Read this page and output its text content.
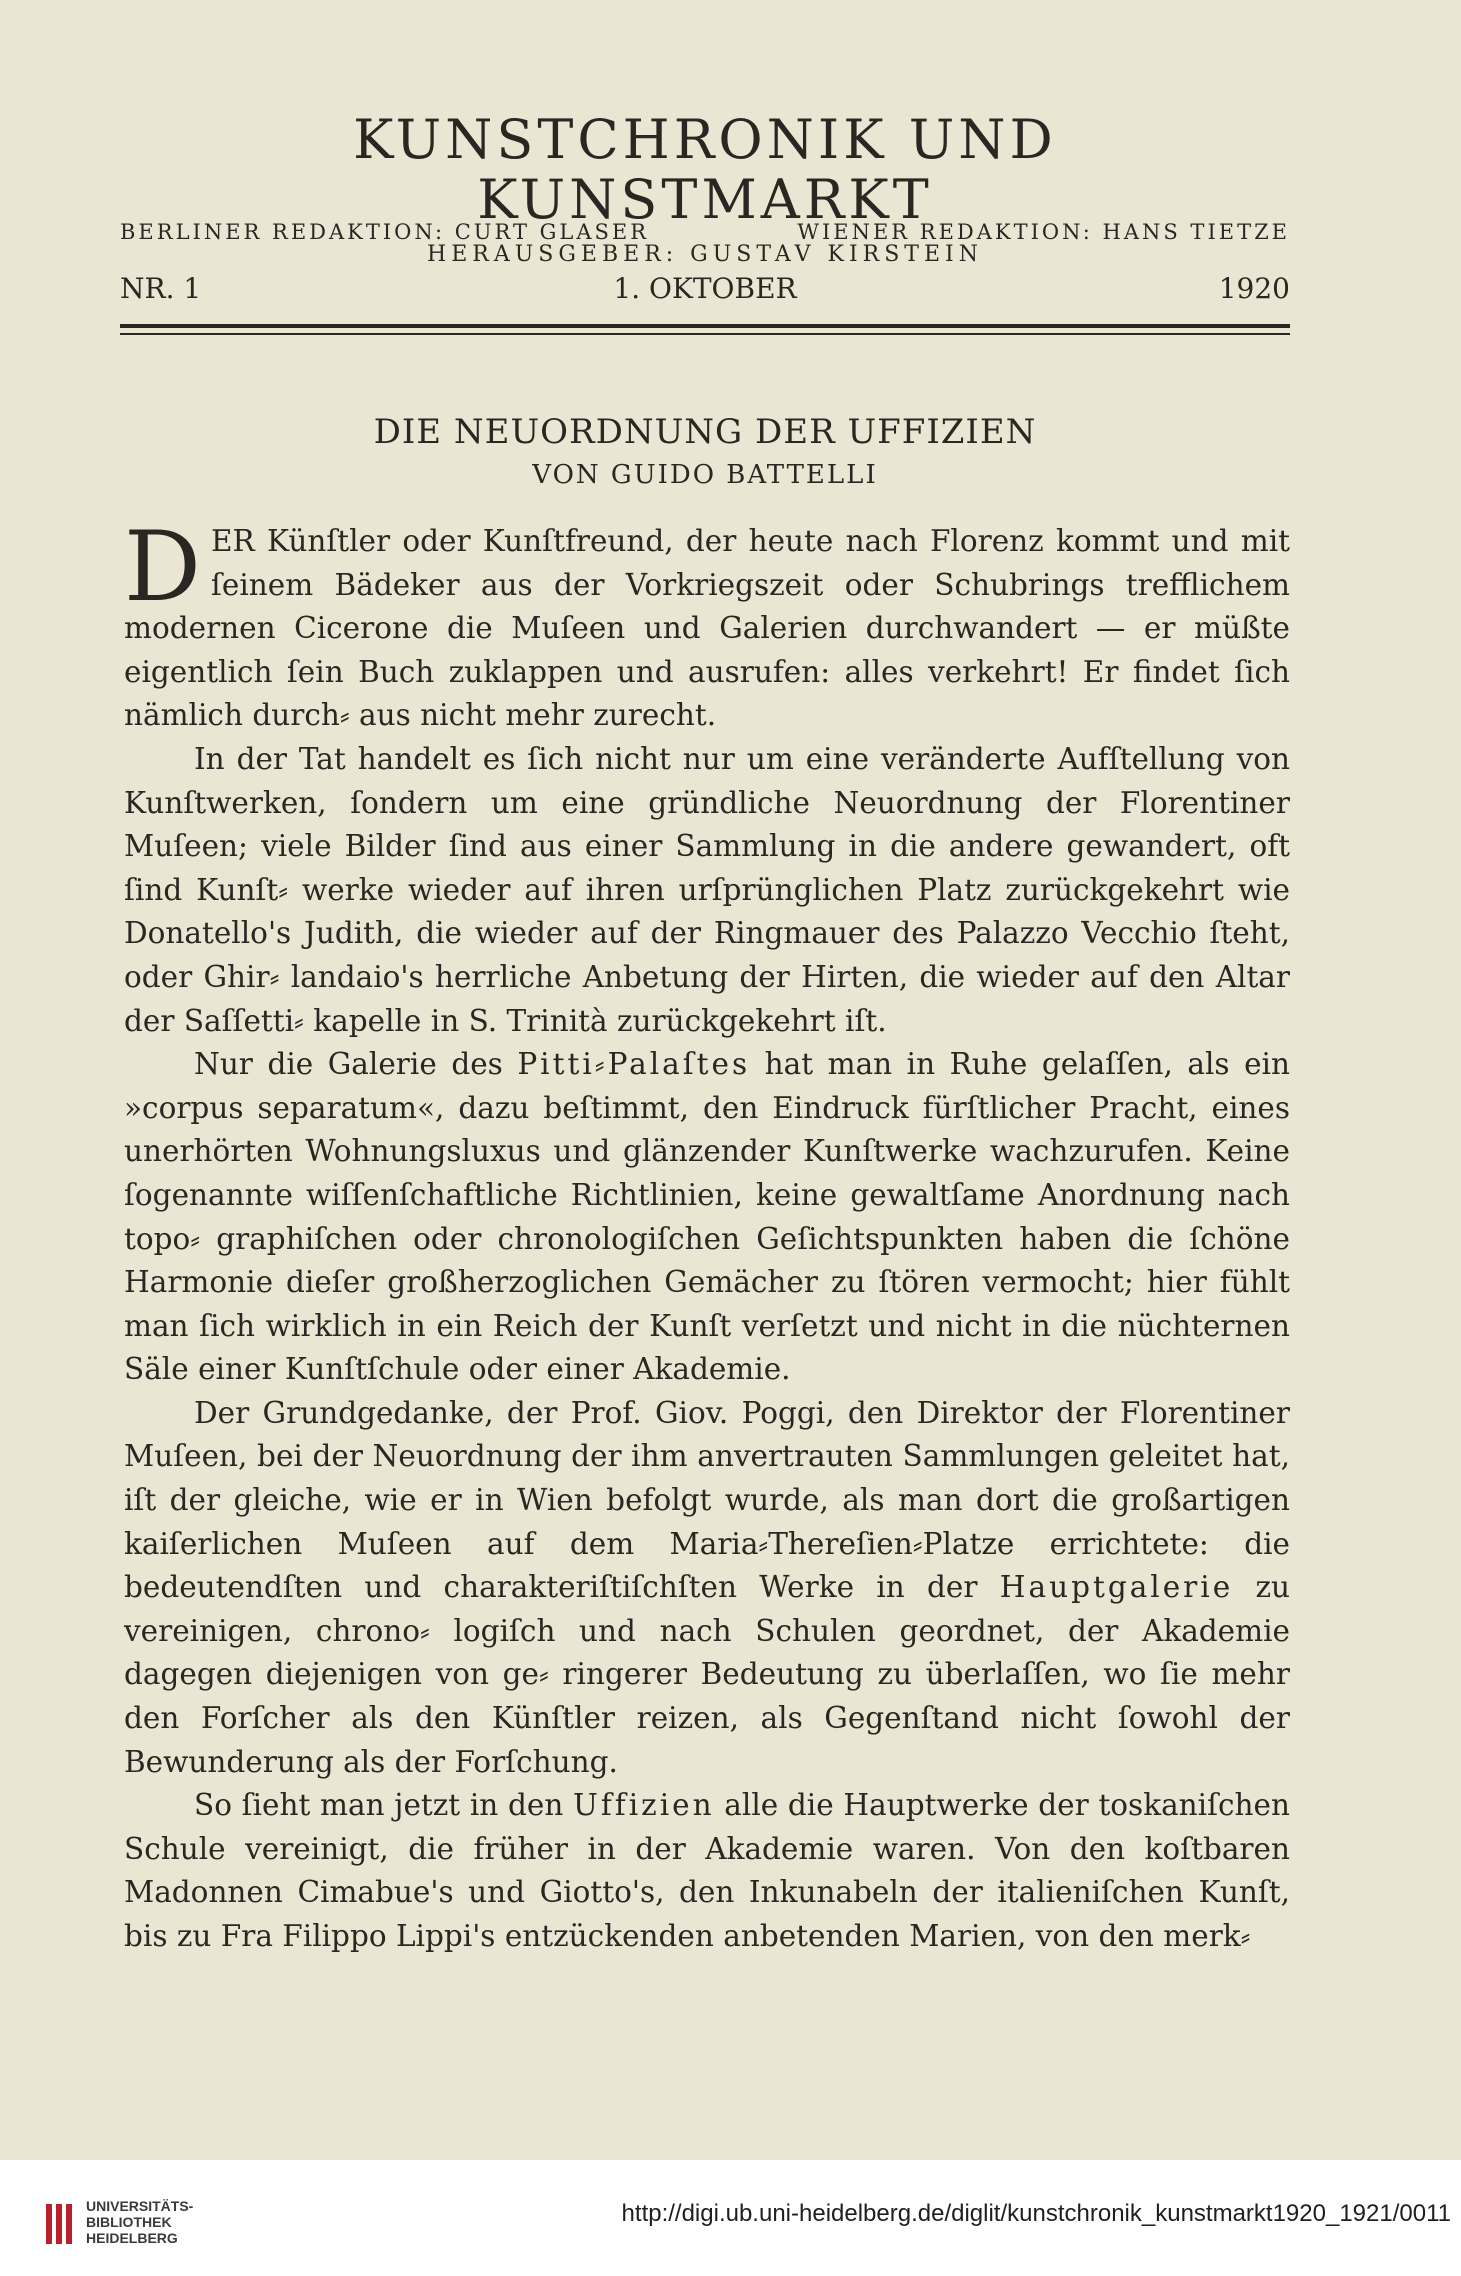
KUNSTCHRONIK UND KUNSTMARKT
HERAUSGEBER: GUSTAV KIRSTEIN
BERLINER REDAKTION: CURT GLASER	WIENER REDAKTION: HANS TIETZE
NR. 1	1. OKTOBER	1920
DIE NEUORDNUNG DER UFFIZIEN
VON GUIDO BATTELLI

DER Künſtler oder Kunſtfreund, der heute nach Florenz kommt und mit ſeinem Bädeker aus der Vorkriegszeit oder Schubrings trefflichem modernen Cicerone die Muſeen und Galerien durchwandert — er müßte eigentlich ſein Buch zuklappen und ausrufen: alles verkehrt! Er findet ſich nämlich durch⸗ aus nicht mehr zurecht.

In der Tat handelt es ſich nicht nur um eine veränderte Aufſtellung von Kunſtwerken, ſondern um eine gründliche Neuordnung der Florentiner Muſeen; viele Bilder ſind aus einer Sammlung in die andere gewandert, oft ſind Kunſt⸗ werke wieder auf ihren urſprünglichen Platz zurückgekehrt wie Donatello's Judith, die wieder auf der Ringmauer des Palazzo Vecchio ſteht, oder Ghir⸗ landaio's herrliche Anbetung der Hirten, die wieder auf den Altar der Saſſetti⸗ kapelle in S. Trinità zurückgekehrt iſt.

Nur die Galerie des Pitti⸗Palaſtes hat man in Ruhe gelaſſen, als ein »corpus separatum«, dazu beſtimmt, den Eindruck fürſtlicher Pracht, eines unerhörten Wohnungsluxus und glänzender Kunſtwerke wachzurufen. Keine ſogenannte wiſſenſchaftliche Richtlinien, keine gewaltſame Anordnung nach topo⸗ graphiſchen oder chronologiſchen Geſichtspunkten haben die ſchöne Harmonie dieſer großherzoglichen Gemächer zu ſtören vermocht; hier fühlt man ſich wirklich in ein Reich der Kunſt verſetzt und nicht in die nüchternen Säle einer Kunſtſchule oder einer Akademie.

Der Grundgedanke, der Prof. Giov. Poggi, den Direktor der Florentiner Muſeen, bei der Neuordnung der ihm anvertrauten Sammlungen geleitet hat, iſt der gleiche, wie er in Wien befolgt wurde, als man dort die großartigen kaiſerlichen Muſeen auf dem Maria⸗Thereſien⸗Platze errichtete: die bedeutendſten und charakteriſtiſchſten Werke in der Hauptgalerie zu vereinigen, chrono⸗ logiſch und nach Schulen geordnet, der Akademie dagegen diejenigen von ge⸗ ringerer Bedeutung zu überlaſſen, wo ſie mehr den Forſcher als den Künſtler reizen, als Gegenſtand nicht ſowohl der Bewunderung als der Forſchung.

So ſieht man jetzt in den Uffizien alle die Hauptwerke der toskaniſchen Schule vereinigt, die früher in der Akademie waren. Von den koſtbaren Madonnen Cimabue's und Giotto's, den Inkunabeln der italieniſchen Kunſt, bis zu Fra Filippo Lippi's entzückenden anbetenden Marien, von den merk⸗

UNIVERSITÄTS-
BIBLIOTHEK
HEIDELBERG
http://digi.ub.uni-heidelberg.de/diglit/kunstchronik_kunstmarkt1920_1921/0011
